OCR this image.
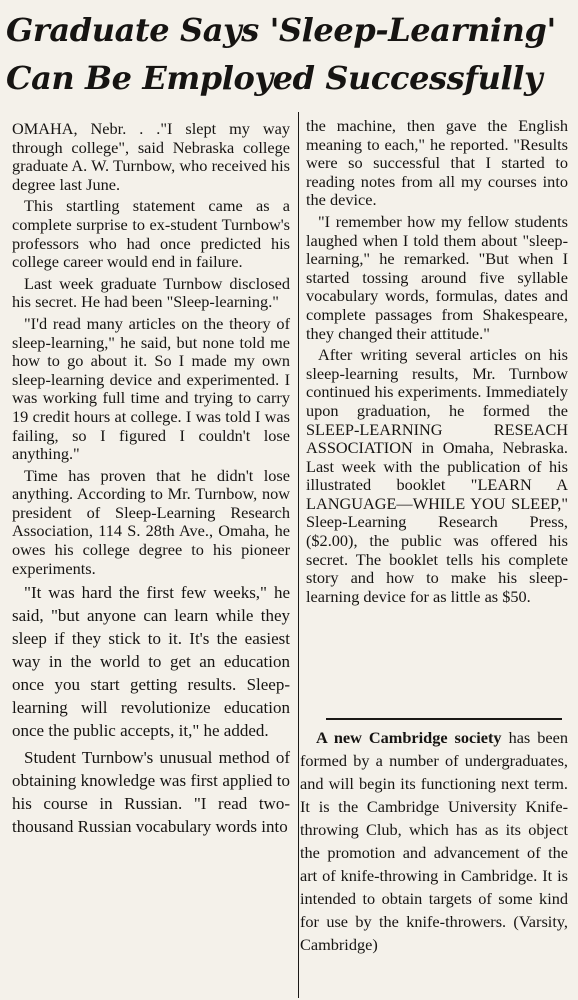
Graduate Says 'Sleep-Learning'
Can Be Employed Successfully

OMAHA, Nebr. . ."I slept my way through college", said Nebraska college graduate A. W. Turnbow, who received his degree last June.

This startling statement came as a complete surprise to ex-student Turnbow's professors who had once predicted his college career would end in failure.

Last week graduate Turnbow disclosed his secret. He had been "Sleep-learning."

"I'd read many articles on the theory of sleep-learning," he said, but none told me how to go about it. So I made my own sleep-learning device and experimented. I was working full time and trying to carry 19 credit hours at college. I was told I was failing, so I figured I couldn't lose anything."

Time has proven that he didn't lose anything. According to Mr. Turnbow, now president of Sleep-Learning Research Association, 114 S. 28th Ave., Omaha, he owes his college degree to his pioneer experiments.

"It was hard the first few weeks," he said, "but anyone can learn while they sleep if they stick to it. It's the easiest way in the world to get an education once you start getting results. Sleep-learning will revolutionize education once the public accepts, it," he added.

Student Turnbow's unusual method of obtaining knowledge was first applied to his course in Russian. "I read two-thousand Russian vocabulary words into

the machine, then gave the English meaning to each," he reported. "Results were so successful that I started to reading notes from all my courses into the device.

"I remember how my fellow students laughed when I told them about "sleep-learning," he remarked. "But when I started tossing around five syllable vocabulary words, formulas, dates and complete passages from Shakespeare, they changed their attitude."

After writing several articles on his sleep-learning results, Mr. Turnbow continued his experiments. Immediately upon graduation, he formed the SLEEP-LEARNING RESEACH ASSOCIATION in Omaha, Nebraska. Last week with the publication of his illustrated booklet "LEARN A LANGUAGE—WHILE YOU SLEEP," Sleep-Learning Research Press, ($2.00), the public was offered his secret. The booklet tells his complete story and how to make his sleep-learning device for as little as $50.

A new Cambridge society has been formed by a number of undergraduates, and will begin its functioning next term. It is the Cambridge University Knife-throwing Club, which has as its object the promotion and advancement of the art of knife-throwing in Cambridge. It is intended to obtain targets of some kind for use by the knife-throwers. (Varsity, Cambridge)
